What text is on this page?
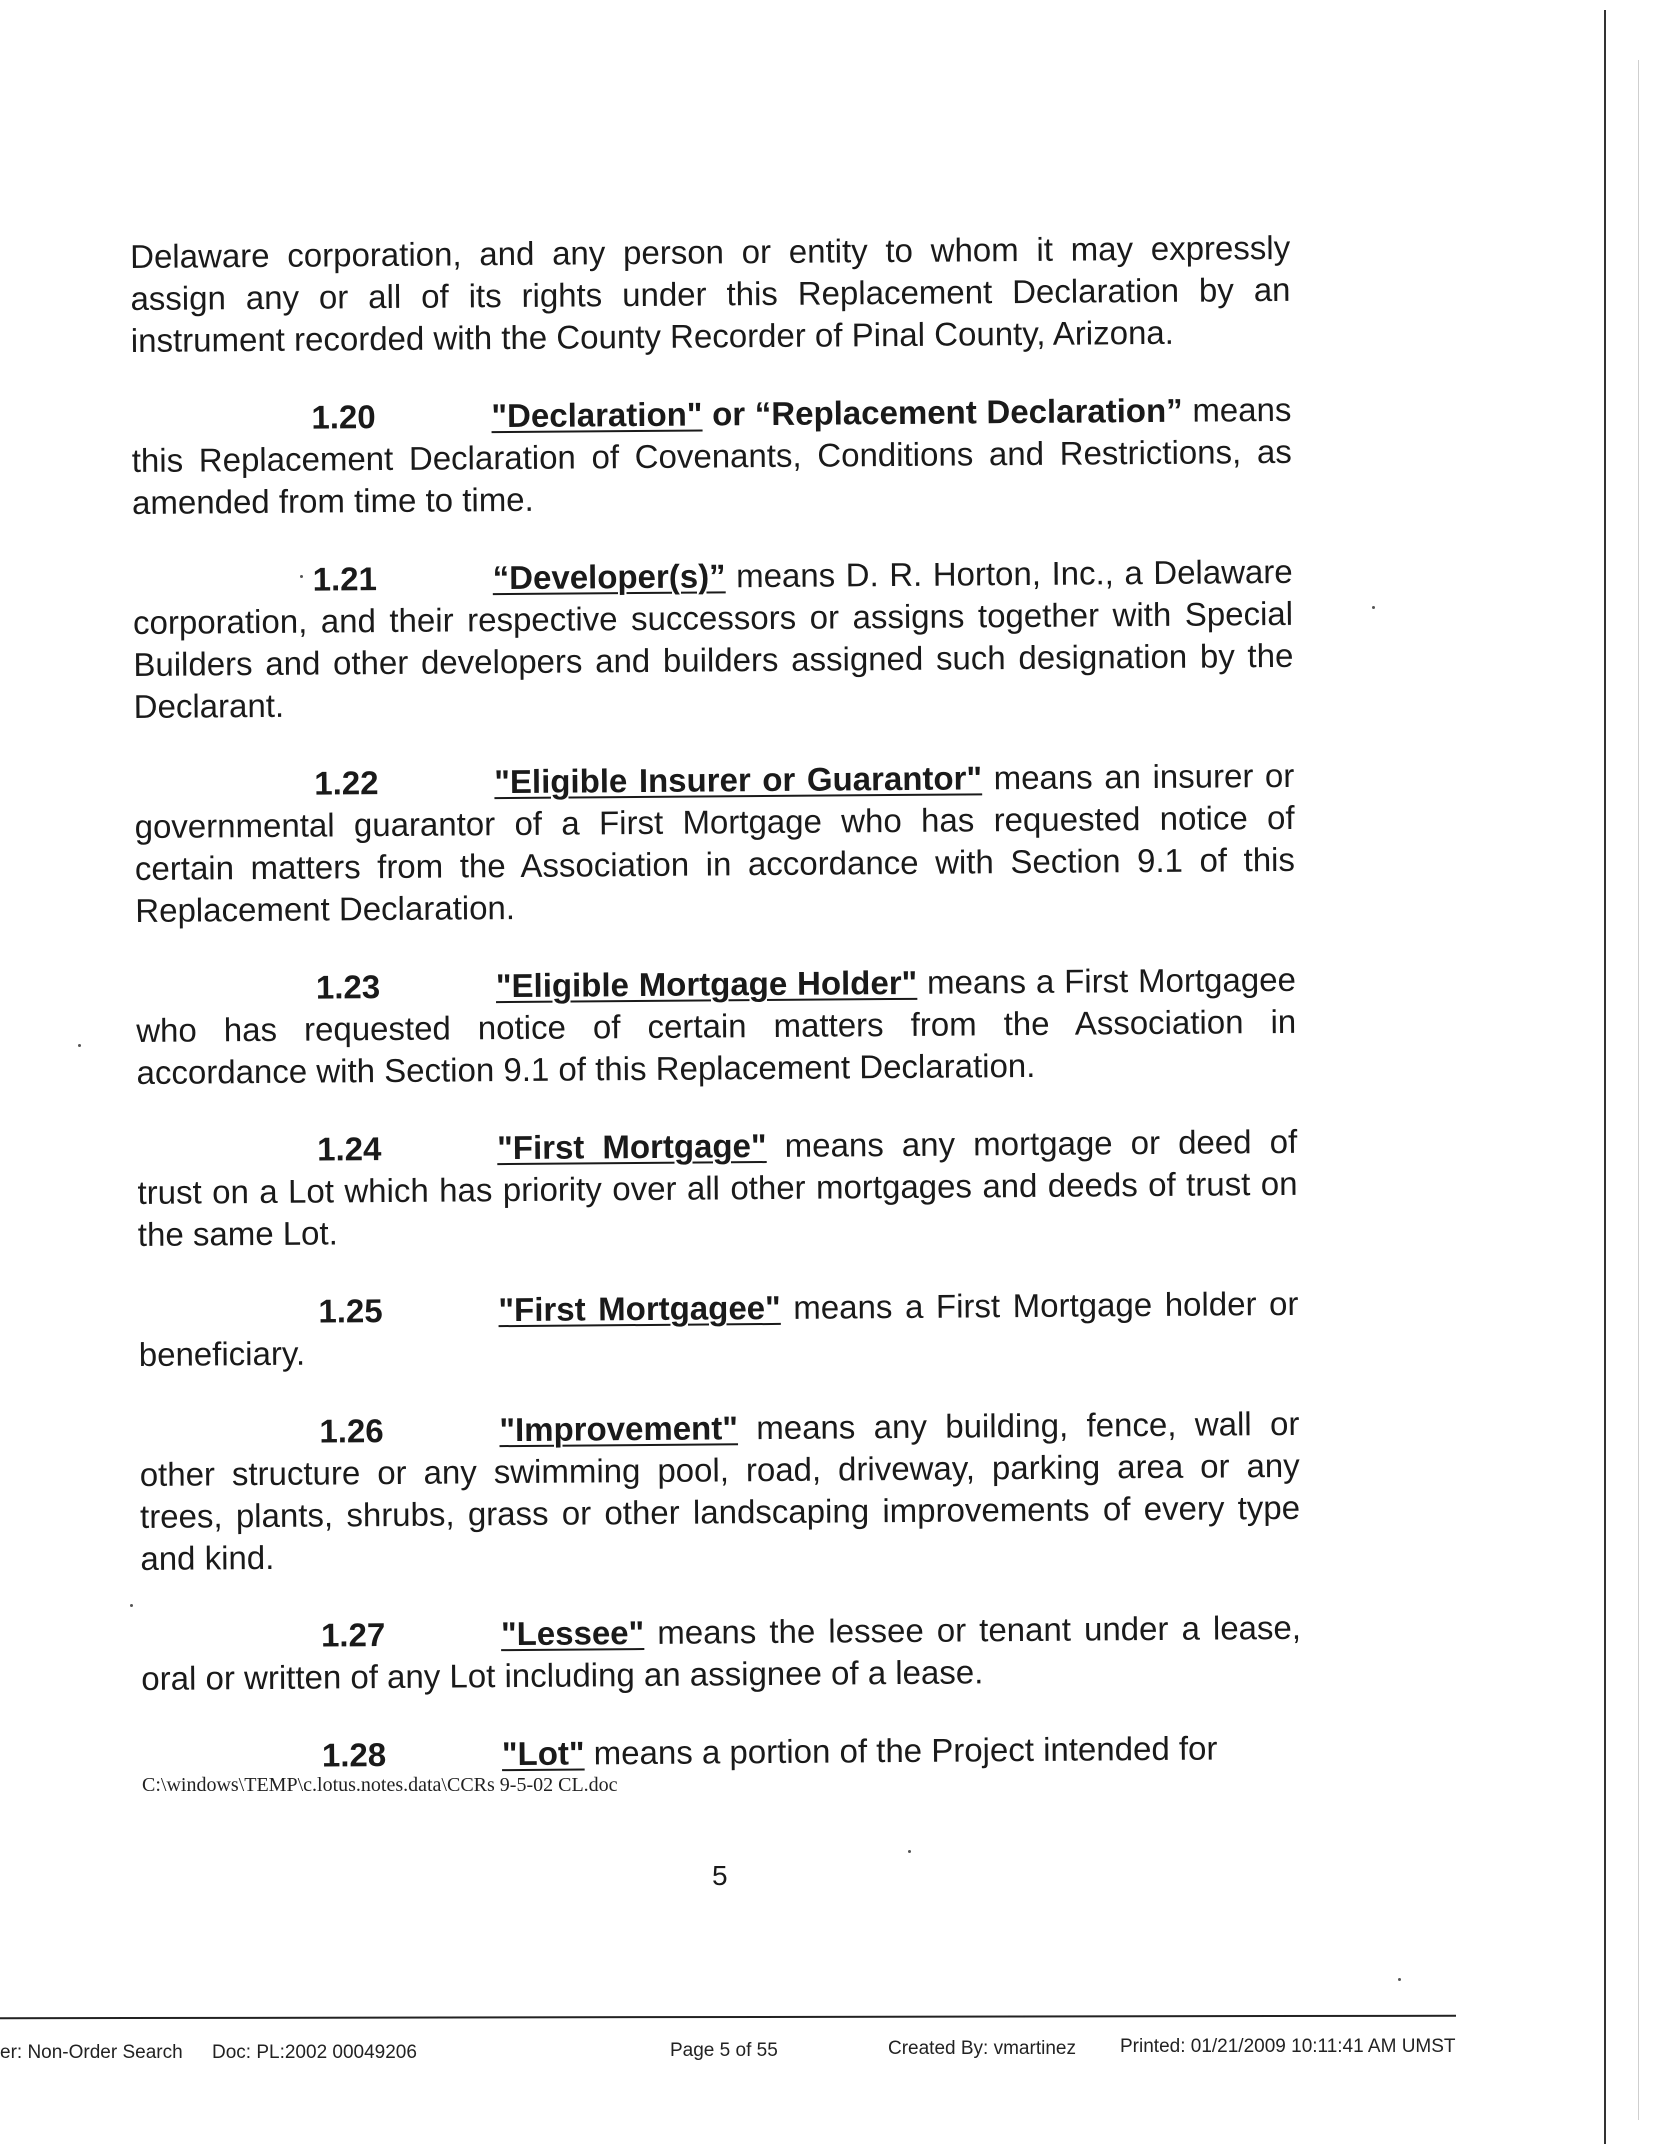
Delaware corporation, and any person or entity to whom it may expressly assign any or all of its rights under this Replacement Declaration by an instrument recorded with the County Recorder of Pinal County, Arizona.

1.20	"Declaration" or “Replacement Declaration” means this Replacement Declaration of Covenants, Conditions and Restrictions, as amended from time to time.

1.21	“Developer(s)” means D. R. Horton, Inc., a Delaware corporation, and their respective successors or assigns together with Special Builders and other developers and builders assigned such designation by the Declarant.

1.22	"Eligible Insurer or Guarantor" means an insurer or governmental guarantor of a First Mortgage who has requested notice of certain matters from the Association in accordance with Section 9.1 of this Replacement Declaration.

1.23	"Eligible Mortgage Holder" means a First Mortgagee who has requested notice of certain matters from the Association in accordance with Section 9.1 of this Replacement Declaration.

1.24	"First Mortgage" means any mortgage or deed of trust on a Lot which has priority over all other mortgages and deeds of trust on the same Lot.

1.25	"First Mortgagee" means a First Mortgage holder or beneficiary.

1.26	"Improvement" means any building, fence, wall or other structure or any swimming pool, road, driveway, parking area or any trees, plants, shrubs, grass or other landscaping improvements of every type and kind.

1.27	"Lessee" means the lessee or tenant under a lease, oral or written of any Lot including an assignee of a lease.

1.28	"Lot" means a portion of the Project intended for

C:\windows\TEMP\c.lotus.notes.data\CCRs 9-5-02 CL.doc
5
er: Non-Order Search Doc: PL:2002 00049206	Page 5 of 55	Created By: vmartinez Printed: 01/21/2009 10:11:41 AM UMST
